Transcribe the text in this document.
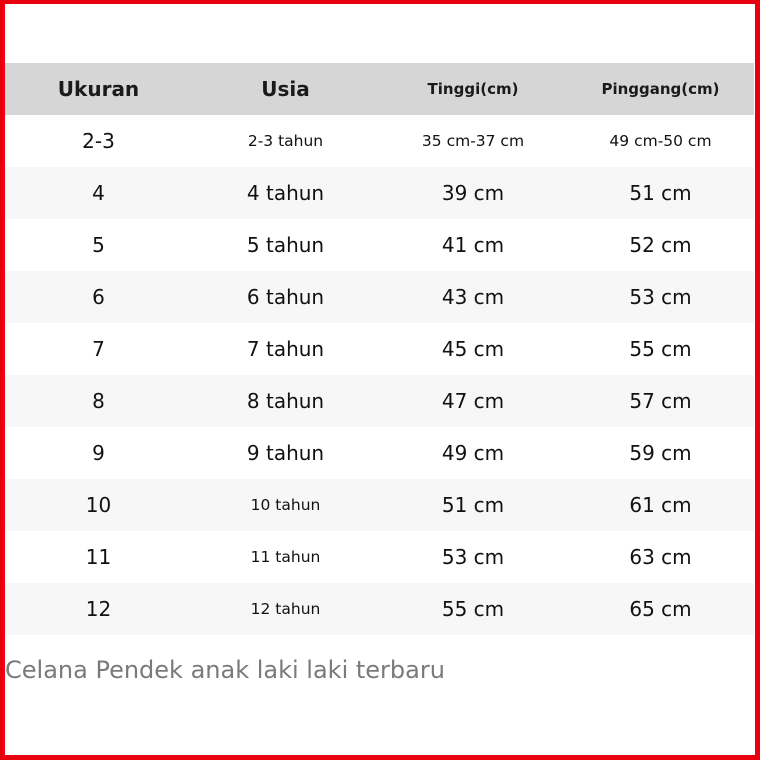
Ukuran	Usia	Tinggi(cm)	Pinggang(cm)
2-3	2-3 tahun	35 cm-37 cm	49 cm-50 cm
4	4 tahun	39 cm	51 cm
5	5 tahun	41 cm	52 cm
6	6 tahun	43 cm	53 cm
7	7 tahun	45 cm	55 cm
8	8 tahun	47 cm	57 cm
9	9 tahun	49 cm	59 cm
10	10 tahun	51 cm	61 cm
11	11 tahun	53 cm	63 cm
12	12 tahun	55 cm	65 cm
Celana Pendek anak laki laki terbaru
